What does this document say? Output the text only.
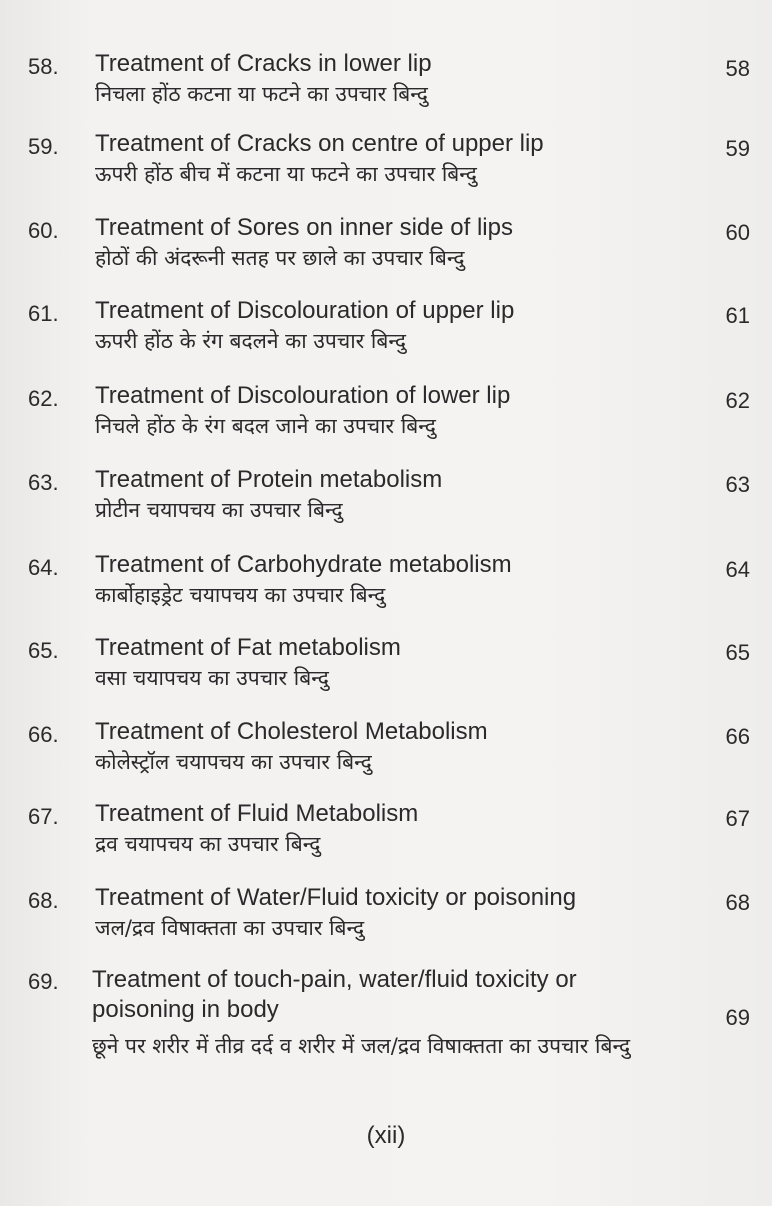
58. Treatment of Cracks in lower lip
निचला होंठ कटना या फटने का उपचार बिन्दु
58
59. Treatment of Cracks on centre of upper lip
ऊपरी होंठ बीच में कटना या फटने का उपचार बिन्दु
59
60. Treatment of Sores on inner side of lips
होठों की अंदरूनी सतह पर छाले का उपचार बिन्दु
60
61. Treatment of Discolouration of upper lip
ऊपरी होंठ के रंग बदलने का उपचार बिन्दु
61
62. Treatment of Discolouration of lower lip
निचले होंठ के रंग बदल जाने का उपचार बिन्दु
62
63. Treatment of Protein metabolism
प्रोटीन चयापचय का उपचार बिन्दु
63
64. Treatment of Carbohydrate metabolism
कार्बोहाइड्रेट चयापचय का उपचार बिन्दु
64
65. Treatment of Fat metabolism
वसा चयापचय का उपचार बिन्दु
65
66. Treatment of Cholesterol Metabolism
कोलेस्ट्रॉल चयापचय का उपचार बिन्दु
66
67. Treatment of Fluid Metabolism
द्रव चयापचय का उपचार बिन्दु
67
68. Treatment of Water/Fluid toxicity or poisoning
जल/द्रव विषाक्तता का उपचार बिन्दु
68
69. Treatment of touch-pain, water/fluid toxicity or poisoning in body
छूने पर शरीर में तीव्र दर्द व शरीर में जल/द्रव विषाक्तता का उपचार बिन्दु
69
(xii)
